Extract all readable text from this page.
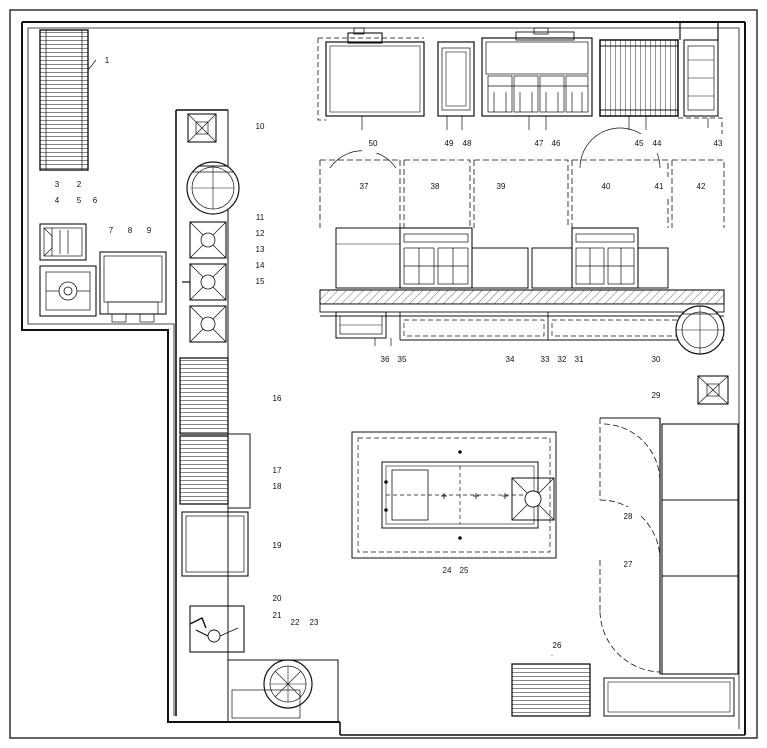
1
2
3
4	5	6
7	8	9
10
11
12
13
14
15
16
17
18
19
20
21
22	23
24	25
26
27
28
29
30
31
32
33
34
35
36
37	38	39	40	41	42
43
44
45
46
47
48
49
50
